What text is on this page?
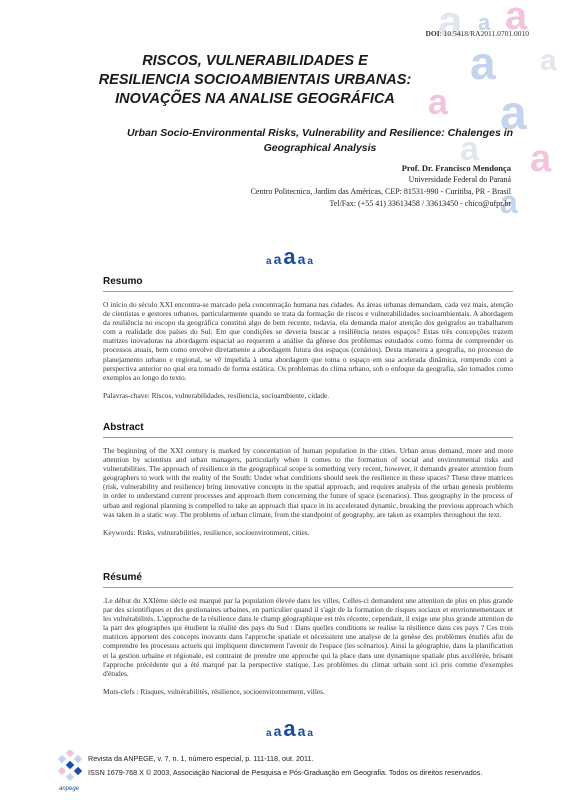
a a
a a
a a
a a
a
a
DOI: 10.5418/RA2011.0701.0010
RISCOS, VULNERABILIDADES E
RESILIENCIA SOCIOAMBIENTAIS URBANAS:
INOVAÇÕES NA ANALISE GEOGRÁFICA
Urban Socio-Environmental Risks, Vulnerability and Resilience: Chalenges in
Geographical Analysis
Prof. Dr. Francisco Mendonça
Universidade Federal do Paraná
Centro Politecnico, Jardim das Américas, CEP: 81531-990 - Curitiba, PR - Brasil
Tel/Fax: (+55 41) 33613458 / 33613450 - chico@ufpr.br
a aa a a
Resumo

O início do século XXI encontra-se marcado pela concentração humana nas cidades. As áreas urbanas demandam, cada vez mais, atenção de cientistas e gestores urbanos, particularmente quando se trata da formação de riscos e vulnerabilidades socioambientais. A abordagem da resiliência no escopo da geográfica constitui algo de bem recente, todavia, ela demanda maior atenção dos geógrafos ao trabalharem com a realidade dos países do Sul: Em que condições se deveria buscar a resiliência nestes espaços? Estas três concepções trazem matrizes inovadoras na abordagem espacial ao requerem a análise da gênese dos problemas estudados como forma de compreender os processos atuais, bem como envolve diretamente a abordagem futura dos espaços (cenários). Desta maneira a geografia, no processo de planejamento urbano e regional, se vê impelida à uma abordagem que toma o espaço em sua acelerada dinâmica, rompendo com a perspectiva anterior no qual era tomado de forma estática. Os problemas do clima urbano, sob o enfoque da geografia, são tomados como exemplos ao longo do texto.

Palavras-chave: Riscos, vulnerabilidades, resiliencia, socioambiente, cidade.

Abstract

The beginning of the XXI century is marked by concentation of human population in the cities. Urban areas demand, more and more attention by scientists and urban managers, particularly when it comes to the formation of social and environmental risks and vulnerabilities. The approach of resilience in the geographical scope is something very recent, however, it demands greater attention from geographers to work with the reality of the South: Under what conditions should seek the resilience in these spaces? These three matrices (risk, vulnerability and resilience) bring innovative concepts in the spatial approach, and requires analysis of the urban genesis problems in order to understand current processes and approach them concerning the future of space (scenarios). Thus geography in the process of urban and regional planning is compelled to take an approach that space in its accelerated dynamic, breaking the previous approach which was taken in a static way. The problems of urban climate, from the standpoint of geography, are taken as examples throughout the text.

Keywords: Risks, vulnerabilities, resilience, socioenvironment, cities.

Résumé

.Le début du XXIème siècle est marqué par la population élevée dans les villes. Celles-ci demandent une attention de plus en plus grande par des scientifiques et des gestionaires urbaines, en particulier quand il s'agit de la formation de risques sociaux et envrionnementaux et les vulnérabilités. L'approche de la résilience dans le champ géographique est très récente, cependant, il exige une plus grande attention de la part des géographes qui étudient la réalité des pays du Sud : Dans quelles conditions se realise la résilience dans ces pays ? Ces trois matrices apportent des concepts inovants dans l'approche spatiale et nécessitent une analyse de la genèse des problèmes étudiés afin de comprendre les processus actuels qui impliquent directement l'avenir de l'espace (les scénarios). Ainsi la géographie, dans la planification et la gestion urbaine et régionale, est contraint de prendre une approche qui la place dans une dynamique spatiale plus accélérée, brisant l'approche précédente qui a été marqué par la perspective statique. Les problèmes du climat urbain sont ici pris comme d'exemples d'études.

Mots-clefs : Risques, vulnérabilités, résilience, socioenvironnement, villes.

a aa a a
anpege
Revista da ANPEGE, v. 7, n. 1, número especial, p. 111-118, out. 2011.
ISSN 1679-768 X © 2003, Associação Nacional de Pesquisa e Pós-Graduação em Geografia. Todos os direitos reservados.
